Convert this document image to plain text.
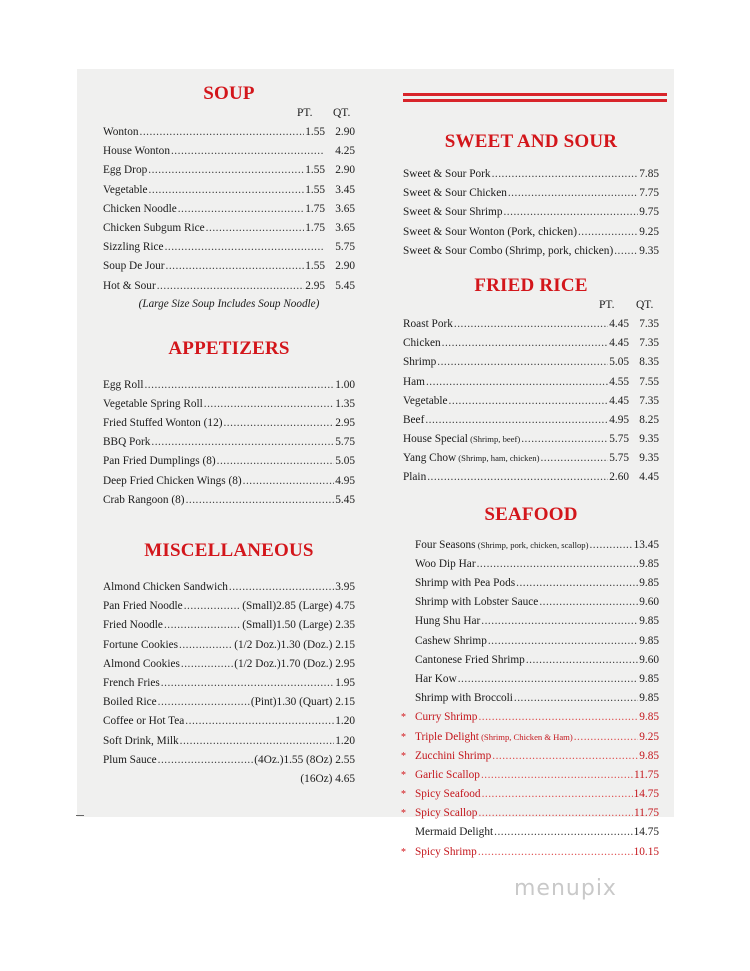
SOUP
PT. QT.
Wonton .....	1.55 2.90
House Wonton .....	4.25
Egg Drop .....	1.55 2.90
Vegetable .....	1.55 3.45
Chicken Noodle .....	1.75 3.65
Chicken Subgum Rice .....	1.75 3.65
Sizzling Rice .....	5.75
Soup De Jour .....	1.55 2.90
Hot & Sour .....	2.95 5.45
(Large Size Soup Includes Soup Noodle)
APPETIZERS
Egg Roll .....	1.00
Vegetable Spring Roll .....	1.35
Fried Stuffed Wonton (12) .....	2.95
BBQ Pork .....	5.75
Pan Fried Dumplings (8) .....	5.05
Deep Fried Chicken Wings (8) .....	4.95
Crab Rangoon (8) .....	5.45
MISCELLANEOUS
Almond Chicken Sandwich .....	3.95
Pan Fried Noodle .....	(Small)2.85 (Large) 4.75
Fried Noodle .....	(Small)1.50 (Large) 2.35
Fortune Cookies .....	(1/2 Doz.)1.30 (Doz.) 2.15
Almond Cookies .....	(1/2 Doz.)1.70 (Doz.) 2.95
French Fries .....	1.95
Boiled Rice .....	(Pint)1.30 (Quart) 2.15
Coffee or Hot Tea .....	1.20
Soft Drink, Milk .....	1.20
Plum Sauce .....	(4Oz.)1.55 (8Oz) 2.55
(16Oz) 4.65
SWEET AND SOUR
Sweet & Sour Pork .....	7.85
Sweet & Sour Chicken .....	7.75
Sweet & Sour Shrimp .....	9.75
Sweet & Sour Wonton (Pork, chicken) .....	9.25
Sweet & Sour Combo (Shrimp, pork, chicken) ..... 9.35
FRIED RICE
PT. QT.
Roast Pork .....	4.45 7.35
Chicken .....	4.45 7.35
Shrimp .....	5.05 8.35
Ham .....	4.55 7.55
Vegetable .....	4.45 7.35
Beef .....	4.95 8.25
House Special (Shrimp, beef) .....	5.75 9.35
Yang Chow (Shrimp, ham, chicken) .....	5.75 9.35
Plain .....	2.60 4.45
SEAFOOD
Four Seasons (Shrimp, pork, chicken, scallop) .....	13.45
Woo Dip Har .....	9.85
Shrimp with Pea Pods .....	9.85
Shrimp with Lobster Sauce .....	9.60
Hung Shu Har .....	9.85
Cashew Shrimp .....	9.85
Cantonese Fried Shrimp .....	9.60
Har Kow .....	9.85
Shrimp with Broccoli .....	9.85
* Curry Shrimp .....	9.85
* Triple Delight (Shrimp, Chicken & Ham) .....	9.25
* Zucchini Shrimp .....	9.85
* Garlic Scallop .....	11.75
* Spicy Seafood .....	14.75
* Spicy Scallop .....	11.75
Mermaid Delight .....	14.75
* Spicy Shrimp .....	10.15
menupix
